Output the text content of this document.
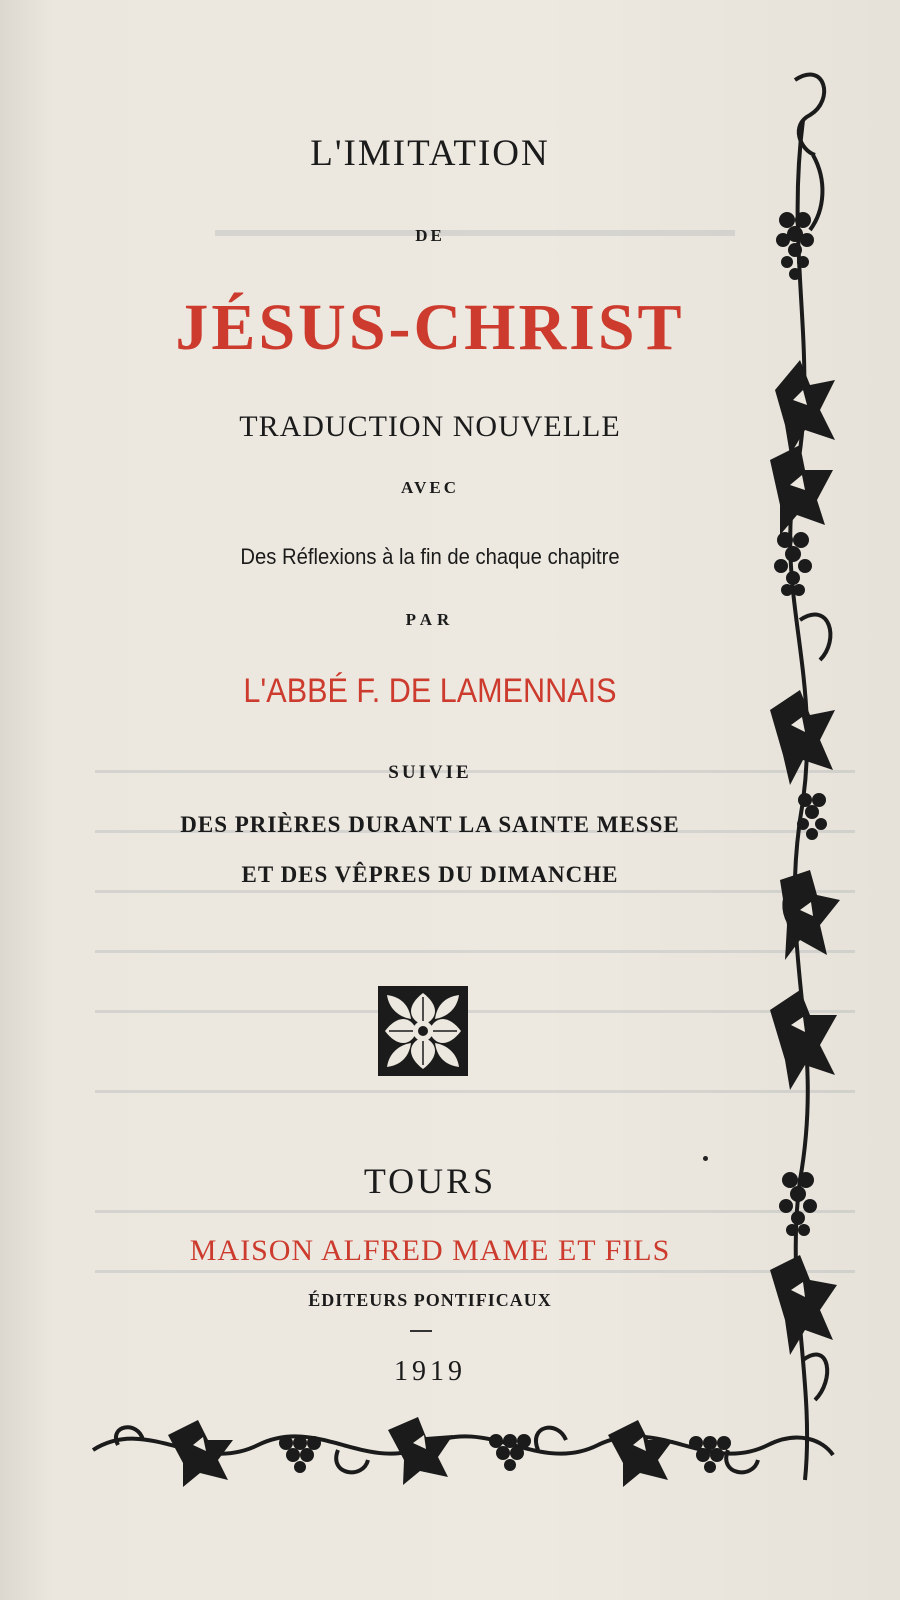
L'IMITATION
DE
JÉSUS-CHRIST
TRADUCTION NOUVELLE
AVEC
Des Réflexions à la fin de chaque chapitre
PAR
L'ABBÉ F. DE LAMENNAIS
SUIVIE
DES PRIÈRES DURANT LA SAINTE MESSE
ET DES VÊPRES DU DIMANCHE
TOURS
MAISON ALFRED MAME ET FILS
ÉDITEURS PONTIFICAUX
1919
